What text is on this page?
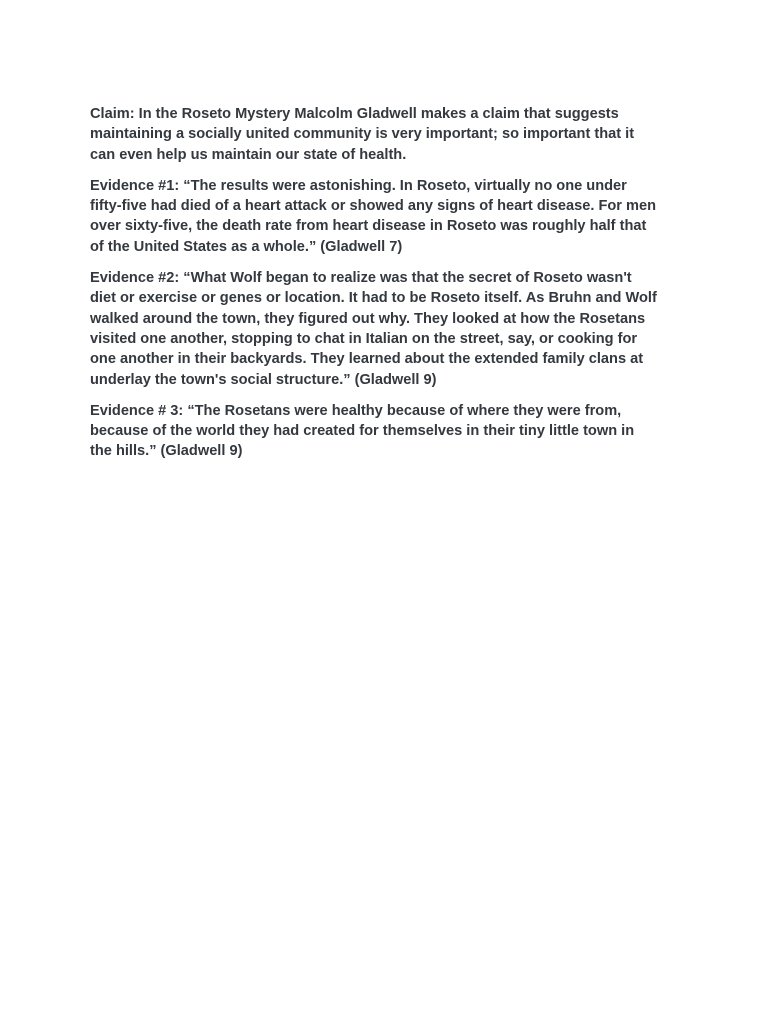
Claim: In the Roseto Mystery Malcolm Gladwell makes a claim that suggests
maintaining a socially united community is very important; so important that it
can even help us maintain our state of health.

Evidence #1: “The results were astonishing. In Roseto, virtually no one under
fifty-five had died of a heart attack or showed any signs of heart disease. For men
over sixty-five, the death rate from heart disease in Roseto was roughly half that
of the United States as a whole.” (Gladwell 7)

Evidence #2: “What Wolf began to realize was that the secret of Roseto wasn't
diet or exercise or genes or location. It had to be Roseto itself. As Bruhn and Wolf
walked around the town, they figured out why. They looked at how the Rosetans
visited one another, stopping to chat in Italian on the street, say, or cooking for
one another in their backyards. They learned about the extended family clans at
underlay the town's social structure.” (Gladwell 9)

Evidence # 3: “The Rosetans were healthy because of where they were from,
because of the world they had created for themselves in their tiny little town in
the hills.” (Gladwell 9)
